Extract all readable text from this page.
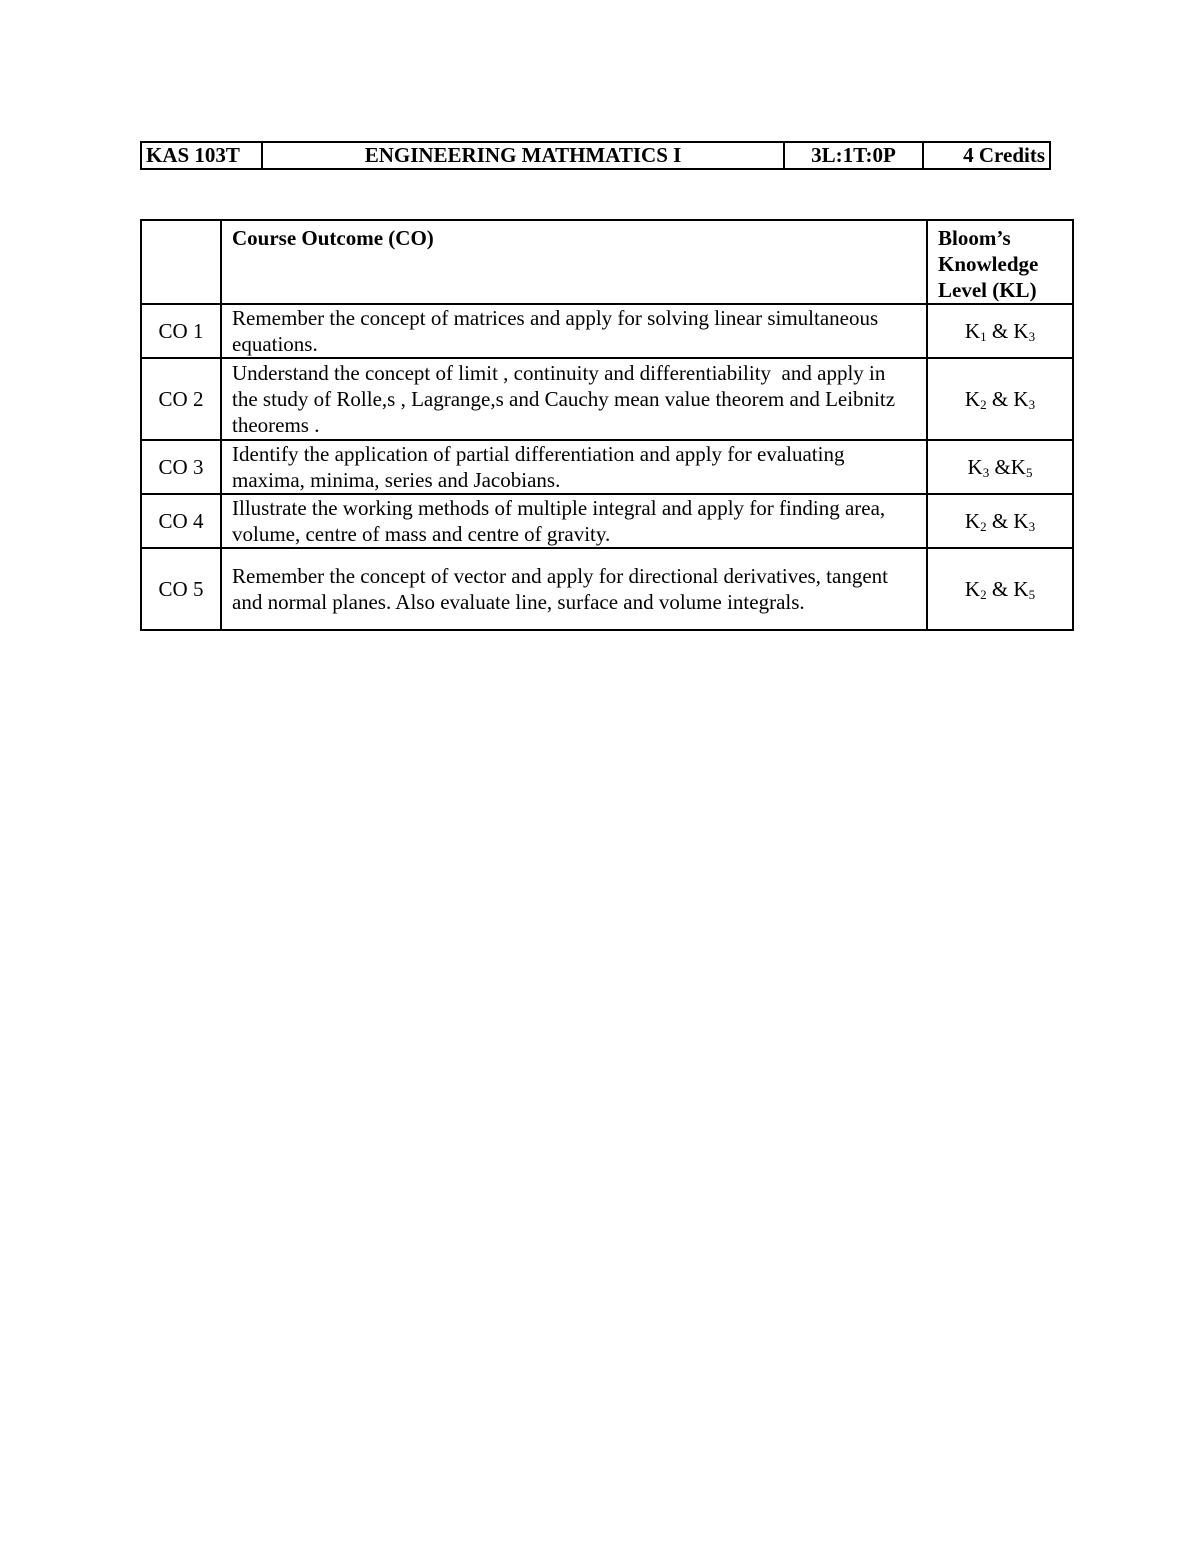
KAS 103T	ENGINEERING MATHMATICS I	3L:1T:0P	4 Credits
	Course Outcome (CO)	Bloom’s
Knowledge
Level (KL)

CO 1	Remember the concept of matrices and apply for solving linear simultaneous equations.	$K_1$ & $K_3$
CO 2	Understand the concept of limit , continuity and differentiability  and apply in the study of Rolle,s , Lagrange,s and Cauchy mean value theorem and Leibnitz theorems .	$K_2$ & $K_3$
CO 3	Identify the application of partial differentiation and apply for evaluating maxima, minima, series and Jacobians.	$K_3$ $\&K_5$
CO 4	Illustrate the working methods of multiple integral and apply for finding area, volume, centre of mass and centre of gravity.	$K_2$ & $K_3$
CO 5	Remember the concept of vector and apply for directional derivatives, tangent and normal planes. Also evaluate line, surface and volume integrals.	$K_2$ & $K_5$
